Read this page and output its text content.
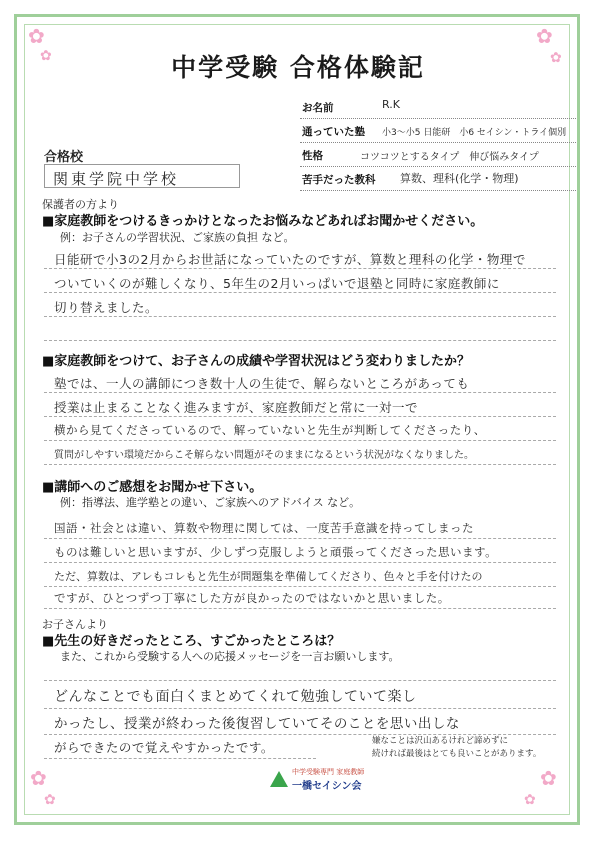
✿
✿
✿
✿
✿
✿
✿
✿
中学受験 合格体験記
お名前	R.K
通っていた塾 小3〜小5 日能研　小6 セイシン・トライ個別
性格	コツコツとするタイプ　伸び悩みタイプ
苦手だった教科 算数、理科(化学・物理)
合格校
関東学院中学校
保護者の方より
■家庭教師をつけるきっかけとなったお悩みなどあればお聞かせください。
例：お子さんの学習状況、ご家族の負担 など。
日能研で小3の2月からお世話になっていたのですが、算数と理科の化学・物理で
ついていくのが難しくなり、5年生の2月いっぱいで退塾と同時に家庭教師に
切り替えました。
■家庭教師をつけて、お子さんの成績や学習状況はどう変わりましたか？
塾では、一人の講師につき数十人の生徒で、解らないところがあっても
授業は止まることなく進みますが、家庭教師だと常に一対一で
横から見てくださっているので、解っていないと先生が判断してくださったり、
質問がしやすい環境だからこそ解らない問題がそのままになるという状況がなくなりました。
■講師へのご感想をお聞かせ下さい。
例：指導法、進学塾との違い、ご家族へのアドバイス など。
国語・社会とは違い、算数や物理に関しては、一度苦手意識を持ってしまった
ものは難しいと思いますが、少しずつ克服しようと頑張ってくださった思います。
ただ、算数は、アレもコレもと先生が問題集を準備してくださり、色々と手を付けたの
ですが、ひとつずつ丁寧にした方が良かったのではないかと思いました。
お子さんより
■先生の好きだったところ、すごかったところは？
また、これから受験する人への応援メッセージを一言お願いします。
どんなことでも面白くまとめてくれて勉強していて楽し
かったし、授業が終わった後復習していてそのことを思い出しな
がらできたので覚えやすかったです。	嫌なことは沢山あるけれど諦めずに
続ければ最後はとても良いことがあります。
中学受験専門 家庭教師
一橋セイシン会
